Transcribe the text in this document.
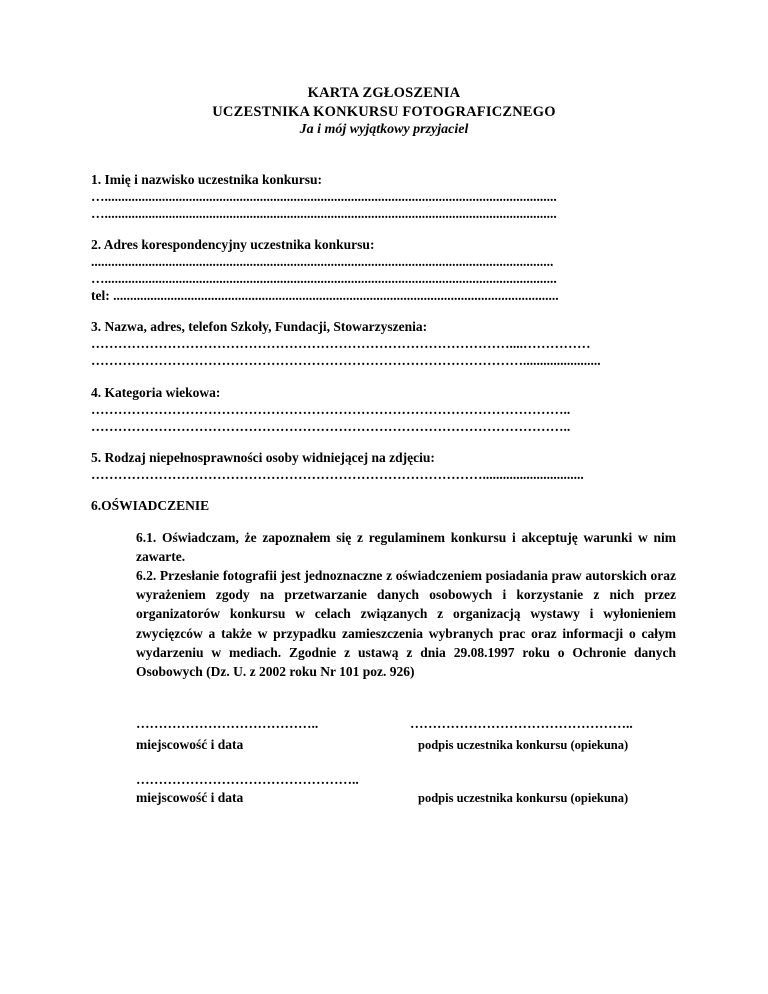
KARTA ZGŁOSZENIA
UCZESTNIKA KONKURSU FOTOGRAFICZNEGO
Ja i mój wyjątkowy przyjaciel
1. Imię i nazwisko uczestnika konkursu:
…......................................................................................................................................
…......................................................................................................................................
2. Adres korespondencyjny uczestnika konkursu:
.........................................................................................................................................
…......................................................................................................................................
tel: ....................................................................................................................................
3. Nazwa, adres, telefon Szkoły, Fundacji, Stowarzyszenia:
…………………………………………………………………………………....……………
…………………………………………………………………………………….......................
4. Kategoria wiekowa:
……………………………………………………………………………………………..
……………………………………………………………………………………………..
5. Rodzaj niepełnosprawności osoby widniejącej na zdjęciu:
……………………………………………………………………………..............................
6.OŚWIADCZENIE
6.1. Oświadczam, że zapoznałem się z regulaminem konkursu i akceptuję warunki w nim zawarte.
6.2. Przesłanie fotografii jest jednoznaczne z oświadczeniem posiadania praw autorskich oraz wyrażeniem zgody na przetwarzanie danych osobowych i korzystanie z nich przez organizatorów konkursu w celach związanych z organizacją wystawy i wyłonieniem zwycięzców a także w przypadku zamieszczenia wybranych prac oraz informacji o całym wydarzeniu w mediach. Zgodnie z ustawą z dnia 29.08.1997 roku o Ochronie danych Osobowych (Dz. U. z 2002 roku Nr 101 poz. 926)
…………………………………..	…………………………………………..
miejscowość i data	podpis uczestnika konkursu (opiekuna)
…………………………………………..
miejscowość i data	podpis uczestnika konkursu (opiekuna)
